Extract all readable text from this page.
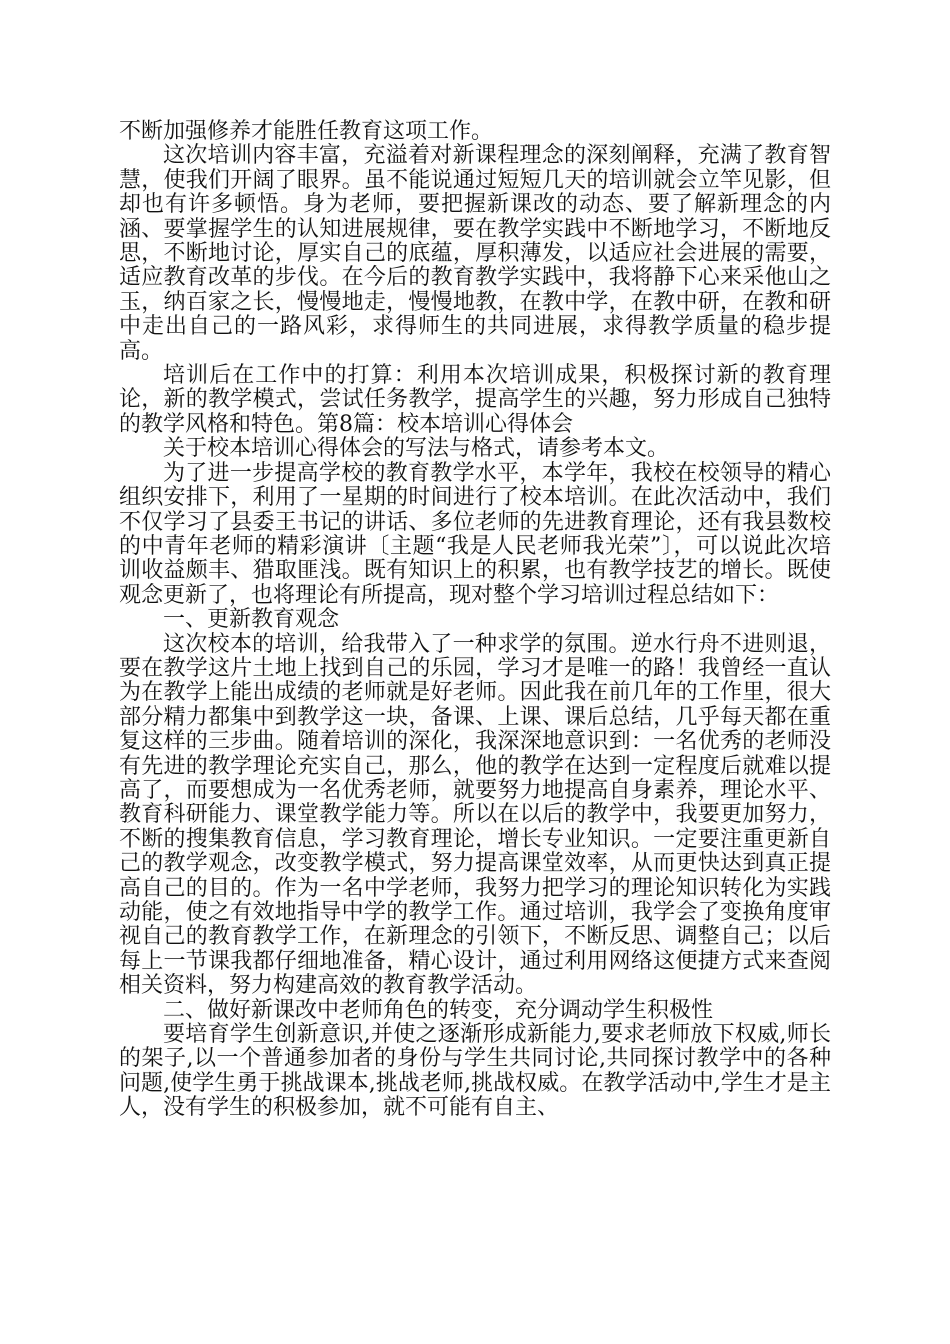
不断加强修养才能胜任教育这项工作。

这次培训内容丰富，充溢着对新课程理念的深刻阐释，充满了教育智慧，使我们开阔了眼界。虽不能说通过短短几天的培训就会立竿见影，但却也有许多顿悟。身为老师，要把握新课改的动态、要了解新理念的内涵、要掌握学生的认知进展规律，要在教学实践中不断地学习，不断地反思，不断地讨论，厚实自己的底蕴，厚积薄发，以适应社会进展的需要，适应教育改革的步伐。在今后的教育教学实践中，我将静下心来采他山之玉，纳百家之长，慢慢地走，慢慢地教，在教中学，在教中研，在教和研中走出自己的一路风彩，求得师生的共同进展，求得教学质量的稳步提高。

培训后在工作中的打算：利用本次培训成果，积极探讨新的教育理论，新的教学模式，尝试任务教学，提高学生的兴趣，努力形成自己独特的教学风格和特色。第8篇：校本培训心得体会

关于校本培训心得体会的写法与格式，请参考本文。

为了进一步提高学校的教育教学水平，本学年，我校在校领导的精心组织安排下，利用了一星期的时间进行了校本培训。在此次活动中，我们不仅学习了县委王书记的讲话、多位老师的先进教育理论，还有我县数校的中青年老师的精彩演讲〔主题“我是人民老师我光荣”〕，可以说此次培训收益颇丰、猎取匪浅。既有知识上的积累，也有教学技艺的增长。既使观念更新了，也将理论有所提高，现对整个学习培训过程总结如下：

一、更新教育观念

这次校本的培训，给我带入了一种求学的氛围。逆水行舟不进则退，要在教学这片土地上找到自己的乐园，学习才是唯一的路！我曾经一直认为在教学上能出成绩的老师就是好老师。因此我在前几年的工作里，很大部分精力都集中到教学这一块，备课、上课、课后总结，几乎每天都在重复这样的三步曲。随着培训的深化，我深深地意识到：一名优秀的老师没有先进的教学理论充实自己，那么，他的教学在达到一定程度后就难以提高了，而要想成为一名优秀老师，就要努力地提高自身素养，理论水平、教育科研能力、课堂教学能力等。所以在以后的教学中，我要更加努力，不断的搜集教育信息，学习教育理论，增长专业知识。一定要注重更新自己的教学观念，改变教学模式，努力提高课堂效率，从而更快达到真正提高自己的目的。作为一名中学老师，我努力把学习的理论知识转化为实践动能，使之有效地指导中学的教学工作。通过培训，我学会了变换角度审视自己的教育教学工作，在新理念的引领下，不断反思、调整自己；以后每上一节课我都仔细地准备，精心设计，通过利用网络这便捷方式来查阅相关资料，努力构建高效的教育教学活动。

二、做好新课改中老师角色的转变，充分调动学生积极性

要培育学生创新意识,并使之逐渐形成新能力,要求老师放下权威,师长的架子,以一个普通参加者的身份与学生共同讨论,共同探讨教学中的各种问题,使学生勇于挑战课本,挑战老师,挑战权威。在教学活动中,学生才是主人，没有学生的积极参加，就不可能有自主、
